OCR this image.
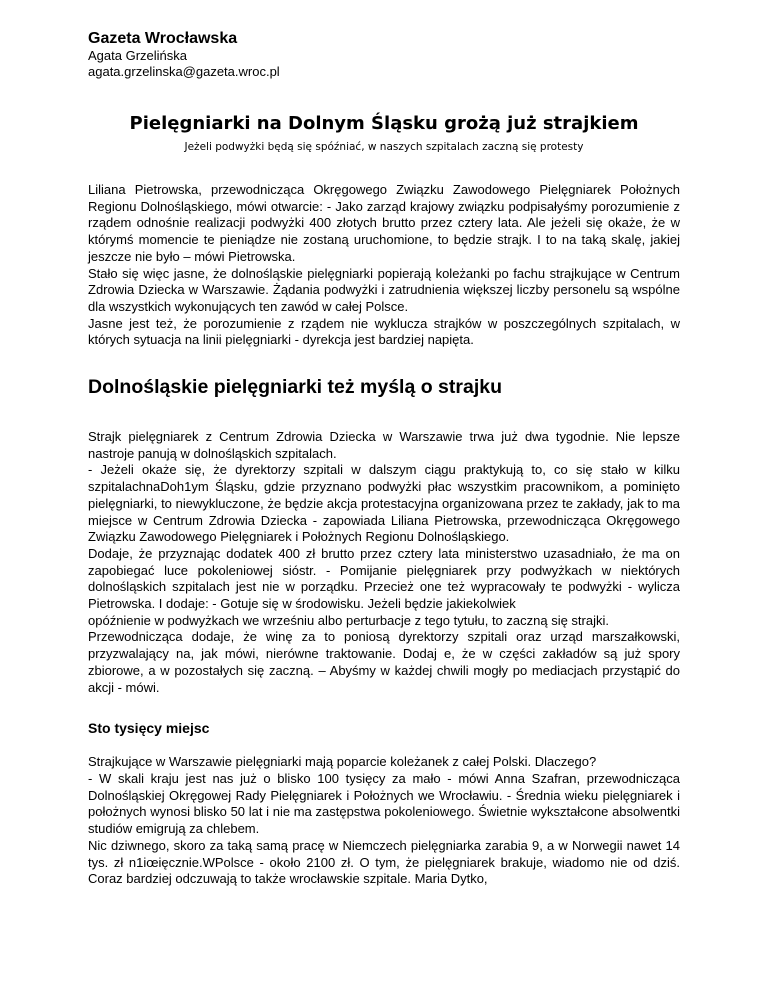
Gazeta Wrocławska
Agata Grzelińska
agata.grzelinska@gazeta.wroc.pl
Pielęgniarki na Dolnym Śląsku grożą już strajkiem
Jeżeli podwyżki będą się spóźniać, w naszych szpitalach zaczną się protesty

Liliana Pietrowska, przewodnicząca Okręgowego Związku Zawodowego Pielęgniarek Położnych Regionu Dolnośląskiego, mówi otwarcie: - Jako zarząd krajowy związku podpisałyśmy porozumienie z rządem odnośnie realizacji podwyżki 400 złotych brutto przez cztery lata. Ale jeżeli się okaże, że w którymś momencie te pieniądze nie zostaną uruchomione, to będzie strajk. I to na taką skalę, jakiej jeszcze nie było – mówi Pietrowska.

Stało się więc jasne, że dolnośląskie pielęgniarki popierają koleżanki po fachu strajkujące w Centrum Zdrowia Dziecka w Warszawie. Żądania podwyżki i zatrudnienia większej liczby personelu są wspólne dla wszystkich wykonujących ten zawód w całej Polsce.

Jasne jest też, że porozumienie z rządem nie wyklucza strajków w poszczególnych szpitalach, w których sytuacja na linii pielęgniarki - dyrekcja jest bardziej napięta.

Dolnośląskie pielęgniarki też myślą o strajku

Strajk pielęgniarek z Centrum Zdrowia Dziecka w Warszawie trwa już dwa tygodnie. Nie lepsze nastroje panują w dolnośląskich szpitalach.

- Jeżeli okaże się, że dyrektorzy szpitali w dalszym ciągu praktykują to, co się stało w kilku szpitalachnaDoh1ym Śląsku, gdzie przyznano podwyżki płac wszystkim pracownikom, a pominięto pielęgniarki, to niewykluczone, że będzie akcja protestacyjna organizowana przez te zakłady, jak to ma miejsce w Centrum Zdrowia Dziecka - zapowiada Liliana Pietrowska, przewodnicząca Okręgowego Związku Zawodowego Pielęgniarek i Położnych Regionu Dolnośląskiego.

Dodaje, że przyznając dodatek 400 zł brutto przez cztery lata ministerstwo uzasadniało, że ma on zapobiegać luce pokoleniowej sióstr. - Pomijanie pielęgniarek przy podwyżkach w niektórych dolnośląskich szpitalach jest nie w porządku. Przecież one też wypracowały te podwyżki - wylicza Pietrowska. I dodaje: - Gotuje się w środowisku. Jeżeli będzie jakiekolwiek

opóźnienie w podwyżkach we wrześniu albo perturbacje z tego tytułu, to zaczną się strajki.

Przewodnicząca dodaje, że winę za to poniosą dyrektorzy szpitali oraz urząd marszałkowski, przyzwalający na, jak mówi, nierówne traktowanie. Dodaj e, że w części zakładów są już spory zbiorowe, a w pozostałych się zaczną. – Abyśmy w każdej chwili mogły po mediacjach przystąpić do akcji - mówi.

Sto tysięcy miejsc

Strajkujące w Warszawie pielęgniarki mają poparcie koleżanek z całej Polski. Dlaczego?

- W skali kraju jest nas już o blisko 100 tysięcy za mało - mówi Anna Szafran, przewodnicząca Dolnośląskiej Okręgowej Rady Pielęgniarek i Położnych we Wrocławiu. - Średnia wieku pielęgniarek i położnych wynosi blisko 50 lat i nie ma zastępstwa pokoleniowego. Świetnie wykształcone absolwentki studiów emigrują za chlebem.

Nic dziwnego, skoro za taką samą pracę w Niemczech pielęgniarka zarabia 9, a w Norwegii nawet 14 tys. zł n1iœięcznie.WPolsce - około 2100 zł. O tym, że pielęgniarek brakuje, wiadomo nie od dziś. Coraz bardziej odczuwają to także wrocławskie szpitale. Maria Dytko,
